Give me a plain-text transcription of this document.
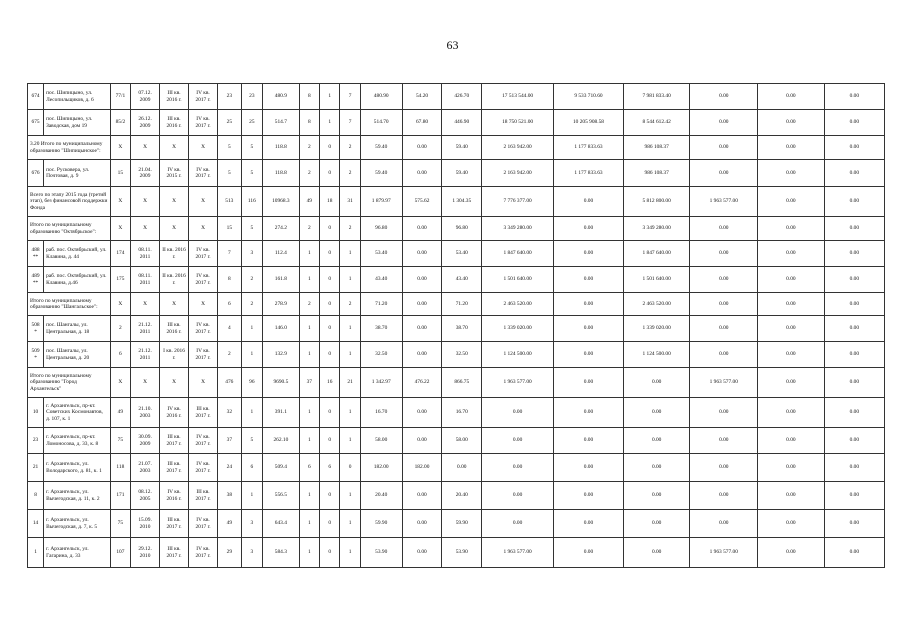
63
674	пос. Шипицыно, ул. Лесопильщиков, д. 6	77/1	07.12. 2009	III кв. 2016 г.	IV кв. 2017 г.	23	23	480.9	8	1	7	480.90	54.20	426.70	17 513 544.00	9 533 710.60	7 981 833.40	0.00	0.00	0.00
675	пос. Шипицыно, ул. Заводская, дом 19	85/2	26.12. 2009	III кв. 2016 г.	IV кв. 2017 г.	25	25	514.7	8	1	7	514.70	67.80	446.90	18 750 521.00	10 205 908.58	8 544 612.42	0.00	0.00	0.00
3.20 Итого по муниципальному образованию "Шипицынское":		X	X	X	X	5	5	118.8	2	0	2	59.40	0.00	59.40	2 163 942.00	1 177 833.63	986 108.37	0.00	0.00	0.00
676	пос. Русковера, ул. Почтовая, д. 9	15	21.04. 2009	IV кв. 2015 г.	IV кв. 2017 г.	5	5	118.8	2	0	2	59.40	0.00	59.40	2 163 942.00	1 177 833.63	986 108.37	0.00	0.00	0.00
Всего по этапу 2015 года (третий этап), без финансовой поддержки Фонда		X	X	X	X	513	116	10968.3	49	18	31	1 879.97	575.62	1 304.35	7 776 377.00	0.00	5 812 800.00	1 963 577.00	0.00	0.00
Итого по муниципальному образованию "Октябрьское":		X	X	X	X	15	5	274.2	2	0	2	96.80	0.00	96.80	3 349 280.00	0.00	3 349 280.00	0.00	0.00	0.00
488 **	раб. пос. Октябрьский, ул. Клавина, д. 44	174	08.11. 2011	II кв. 2016 г.	IV кв. 2017 г.	7	3	112.4	1	0	1	53.40	0.00	53.40	1 847 640.00	0.00	1 847 640.00	0.00	0.00	0.00
489 **	раб. пос. Октябрьский, ул. Клавина, д.46	175	08.11. 2011	II кв. 2016 г.	IV кв. 2017 г.	8	2	161.8	1	0	1	43.40	0.00	43.40	1 501 640.00	0.00	1 501 640.00	0.00	0.00	0.00
Итого по муниципальному образованию "Шангальское":		X	X	X	X	6	2	278.9	2	0	2	71.20	0.00	71.20	2 463 520.00	0.00	2 463 520.00	0.00	0.00	0.00
508 *	пос. Шангалы, ул. Центральная, д. 18	2	21.12. 2011	III кв. 2016 г.	IV кв. 2017 г.	4	1	146.0	1	0	1	38.70	0.00	38.70	1 339 020.00	0.00	1 339 020.00	0.00	0.00	0.00
509 *	пос. Шангалы, ул. Центральная, д. 20	6	21.12. 2011	I кв. 2016 г.	IV кв. 2017 г.	2	1	132.9	1	0	1	32.50	0.00	32.50	1 124 500.00	0.00	1 124 500.00	0.00	0.00	0.00
Итого по муниципальному образованию "Город Архангельск"		X	X	X	X	476	96	9690.5	37	16	21	1 342.97	476.22	866.75	1 963 577.00	0.00	0.00	1 963 577.00	0.00	0.00
10	г. Архангельск, пр-кт. Советских Космонавтов, д. 107, к. 1	49	21.10. 2003	IV кв. 2016 г.	III кв. 2017 г.	32	1	391.1	1	0	1	16.70	0.00	16.70	0.00	0.00	0.00	0.00	0.00	0.00
23	г. Архангельск, пр-кт. Ломоносова, д. 33, к. 8	75	30.09. 2009	III кв. 2017 г.	IV кв. 2017 г.	37	5	262.10	1	0	1	58.00	0.00	58.00	0.00	0.00	0.00	0.00	0.00	0.00
21	г. Архангельск, ул. Володарского, д. 81, к. 1	118	21.07. 2003	III кв. 2017 г.	IV кв. 2017 г.	24	6	509.4	6	6	0	182.00	182.00	0.00	0.00	0.00	0.00	0.00	0.00	0.00
8	г. Архангельск, ул. Вычегодская, д. 11, к. 2	171	08.12. 2005	IV кв. 2016 г.	III кв. 2017 г.	38	1	556.5	1	0	1	20.40	0.00	20.40	0.00	0.00	0.00	0.00	0.00	0.00
14	г. Архангельск, ул. Вычегодская, д. 7, к. 5	75	15.09. 2010	III кв. 2017 г.	IV кв. 2017 г.	49	3	643.4	1	0	1	59.90	0.00	59.90	0.00	0.00	0.00	0.00	0.00	0.00
1	г. Архангельск, ул. Гагарина, д. 33	107	29.12. 2010	III кв. 2017 г.	IV кв. 2017 г.	29	3	584.3	1	0	1	53.90	0.00	53.90	1 963 577.00	0.00	0.00	1 963 577.00	0.00	0.00
